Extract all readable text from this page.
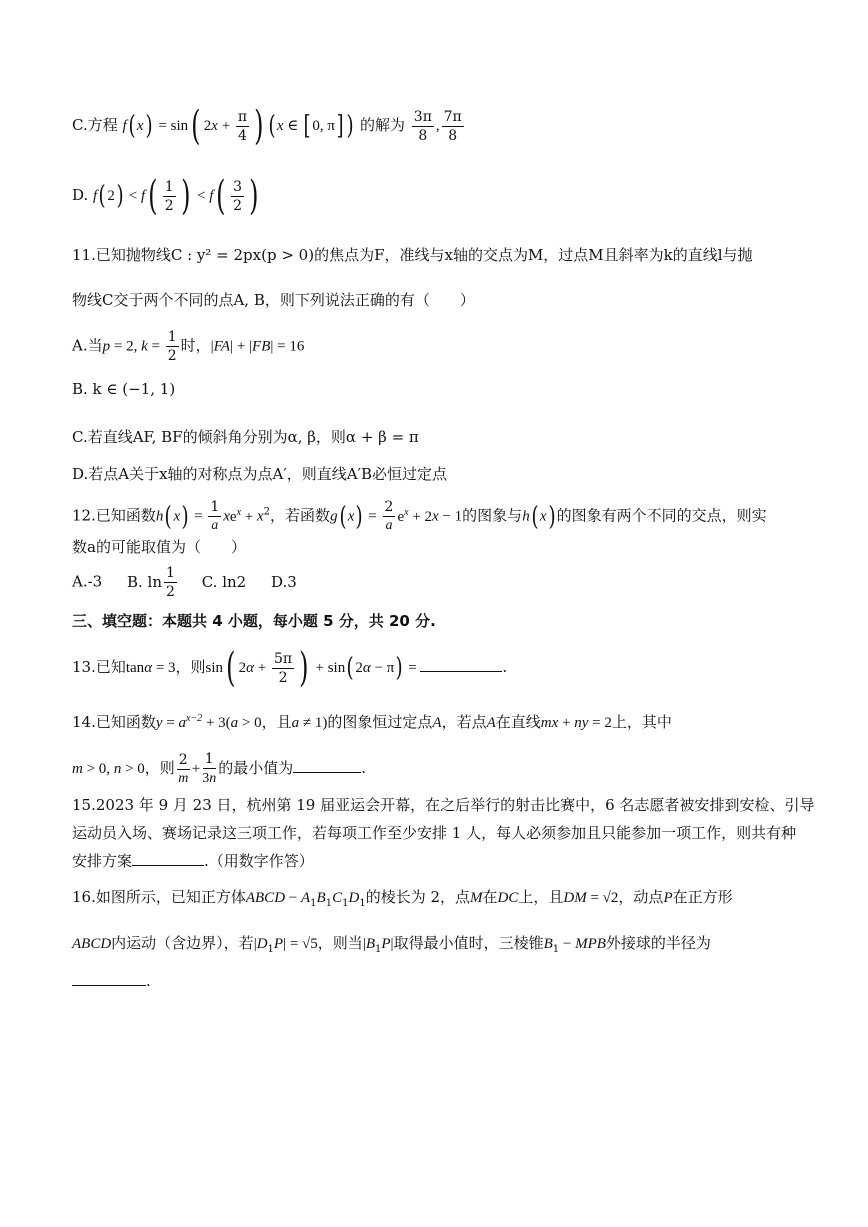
C.方程 f( x) = sin( $2x + \frac{\pi}{4}$ ) ( x ∈ [ 0, π] ) 的解为 $\frac{3\pi}{8}$ , $\frac{7\pi}{8}$
D. f( $2) < f( \frac{1}{2}$ ) < $f( \frac{3}{2}$ )
11.已知抛物线C : y² = 2px(p > 0)的焦点为F，准线与x轴的交点为M，过点M且斜率为k的直线l与抛
物线C交于两个不同的点A, B，则下列说法正确的有（　　）
A.当p = 2, $k = \frac{1}{2}$ 时，|FA| + |FB| = 16
B. k ∈ (−1, 1)
C.若直线AF, BF的倾斜角分别为α, β，则α + β = π
D.若点A关于x轴的对称点为点A′，则直线A′B必恒过定点
12.已知函数h( $x) = \frac{1}{a} xe^x + x^2$，若函数g( $x) = \frac{2}{a} e^x + 2x - 1$的图象与h( x) 的图象有两个不同的交点，则实
数a的可能取值为（　　）
A.-3 B. $\ln \frac{1}{2} C$. ln2 D.3
三、填空题：本题共 4 小题，每小题 5 分，共 20 分.
13.已知tanα = 3，则sin( $2\alpha + \frac{5\pi}{2}$ ) + sin( 2α − π) =	.
14.已知函数$y = a^{x-2} + 3(a > 0$，且a ≠ 1)的图象恒过定点A，若点A在直线mx + ny = 2上，其中
m > 0, n > 0，则 $\frac{2}{m} + \frac{1}{3n}$ 的最小值为	.
15.2023 年 9 月 23 日，杭州第 19 届亚运会开幕，在之后举行的射击比赛中，6 名志愿者被安排到安检、引导
运动员入场、赛场记录这三项工作，若每项工作至少安排 1 人，每人必须参加且只能参加一项工作，则共有种
安排方案	.（用数字作答）
16.如图所示，已知正方体ABCD − $A_1B_1C_1D_1$的棱长为 2，点M在DC上，且DM = √2，动点P在正方形
ABCD内运动（含边界），若$|D_1P| = √5$，则当$|B_1P|$取得最小值时，三棱锥$B_1$ − MPB外接球的半径为
.
